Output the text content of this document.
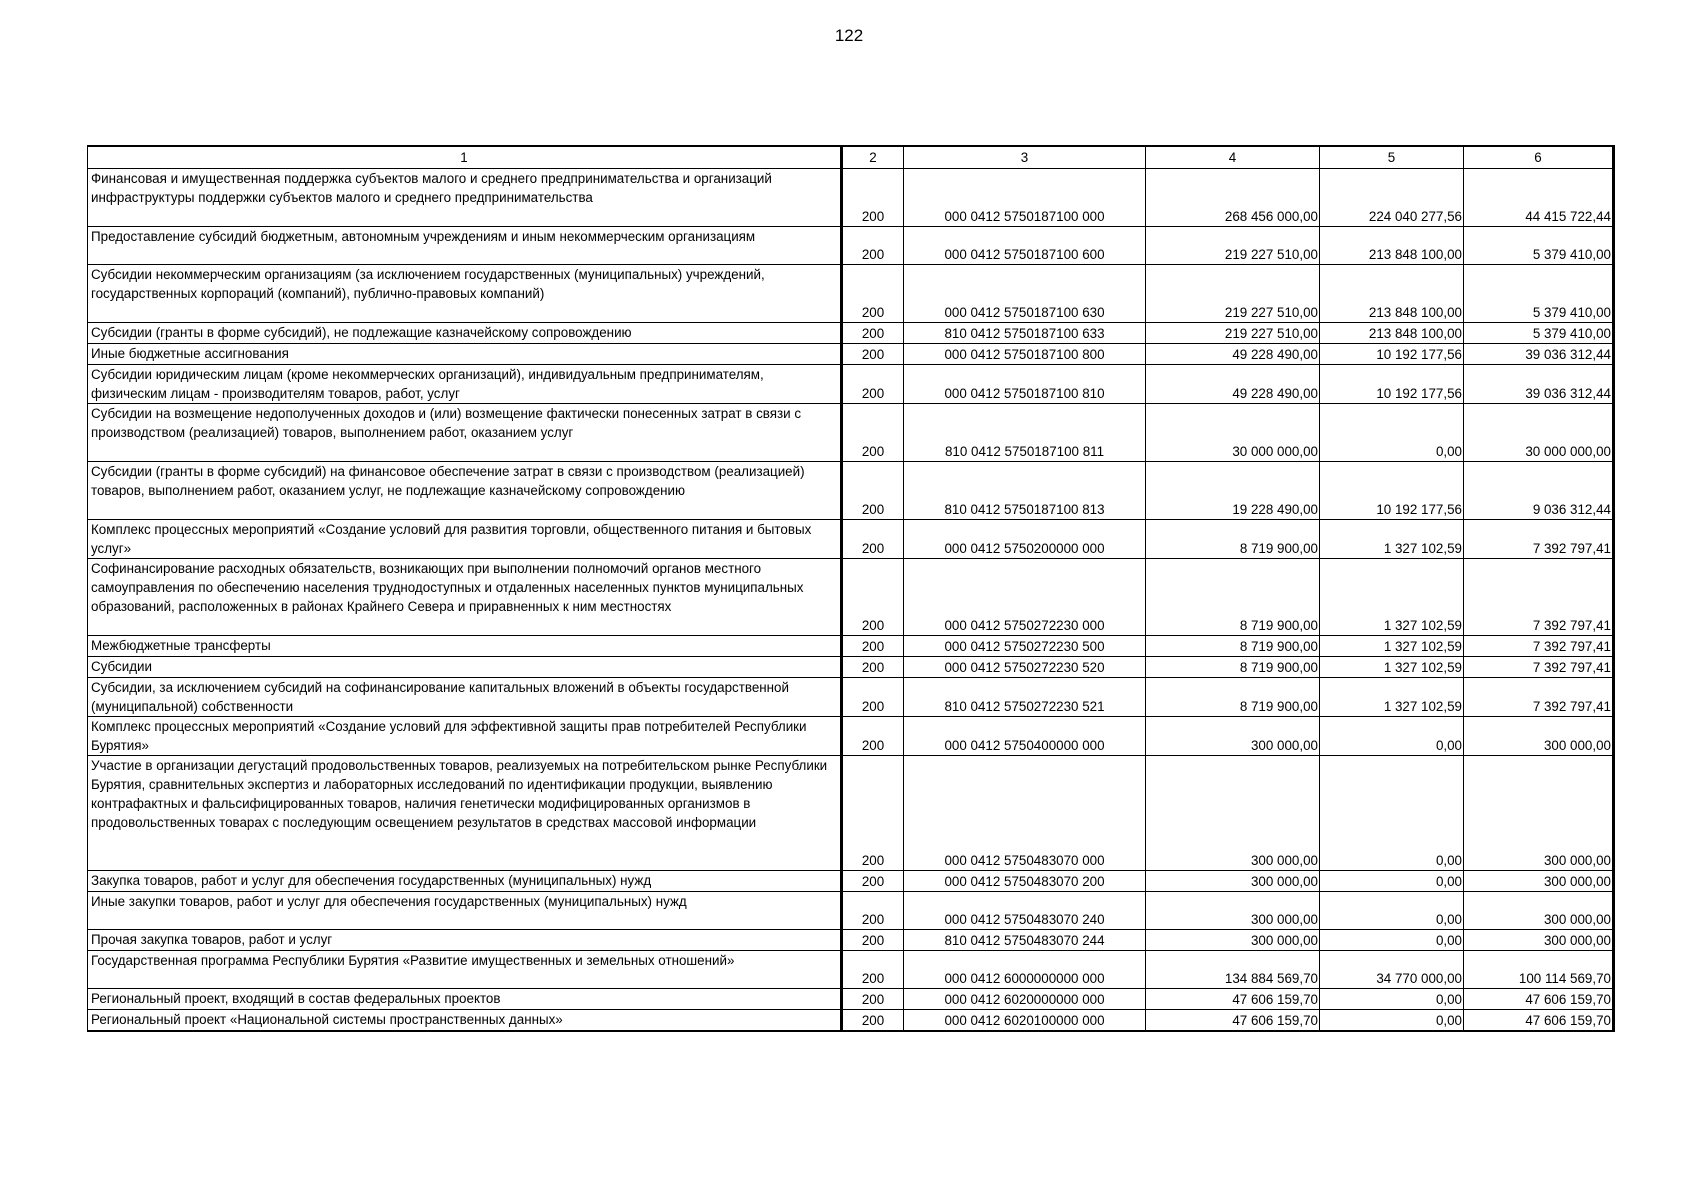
122
1	2	3	4	5	6
Финансовая и имущественная поддержка субъектов малого и среднего предпринимательства и организаций инфраструктуры поддержки субъектов малого и среднего предпринимательства	200	000 0412 5750187100 000	268 456 000,00	224 040 277,56	44 415 722,44
Предоставление субсидий бюджетным, автономным учреждениям и иным некоммерческим организациям	200	000 0412 5750187100 600	219 227 510,00	213 848 100,00	5 379 410,00
Субсидии некоммерческим организациям (за исключением государственных (муниципальных) учреждений, государственных корпораций (компаний), публично-правовых компаний)	200	000 0412 5750187100 630	219 227 510,00	213 848 100,00	5 379 410,00
Субсидии (гранты в форме субсидий), не подлежащие казначейскому сопровождению	200	810 0412 5750187100 633	219 227 510,00	213 848 100,00	5 379 410,00
Иные бюджетные ассигнования	200	000 0412 5750187100 800	49 228 490,00	10 192 177,56	39 036 312,44
Субсидии юридическим лицам (кроме некоммерческих организаций), индивидуальным предпринимателям, физическим лицам - производителям товаров, работ, услуг	200	000 0412 5750187100 810	49 228 490,00	10 192 177,56	39 036 312,44
Субсидии на возмещение недополученных доходов и (или) возмещение фактически понесенных затрат в связи с производством (реализацией) товаров, выполнением работ, оказанием услуг	200	810 0412 5750187100 811	30 000 000,00	0,00	30 000 000,00
Субсидии (гранты в форме субсидий) на финансовое обеспечение затрат в связи с производством (реализацией) товаров, выполнением работ, оказанием услуг, не подлежащие казначейскому сопровождению	200	810 0412 5750187100 813	19 228 490,00	10 192 177,56	9 036 312,44
Комплекс процессных мероприятий «Создание условий для развития торговли, общественного питания и бытовых услуг»	200	000 0412 5750200000 000	8 719 900,00	1 327 102,59	7 392 797,41
Софинансирование расходных обязательств, возникающих при выполнении полномочий органов местного самоуправления по обеспечению населения труднодоступных и отдаленных населенных пунктов муниципальных образований, расположенных в районах Крайнего Севера и приравненных к ним местностях	200	000 0412 5750272230 000	8 719 900,00	1 327 102,59	7 392 797,41
Межбюджетные трансферты	200	000 0412 5750272230 500	8 719 900,00	1 327 102,59	7 392 797,41
Субсидии	200	000 0412 5750272230 520	8 719 900,00	1 327 102,59	7 392 797,41
Субсидии, за исключением субсидий на софинансирование капитальных вложений в объекты государственной (муниципальной) собственности	200	810 0412 5750272230 521	8 719 900,00	1 327 102,59	7 392 797,41
Комплекс процессных мероприятий «Создание условий для эффективной защиты прав потребителей Республики Бурятия»	200	000 0412 5750400000 000	300 000,00	0,00	300 000,00
Участие в организации дегустаций продовольственных товаров, реализуемых на потребительском рынке Республики Бурятия, сравнительных экспертиз и лабораторных исследований по идентификации продукции, выявлению контрафактных и фальсифицированных товаров, наличия генетически модифицированных организмов в продовольственных товарах с последующим освещением результатов в средствах массовой информации	200	000 0412 5750483070 000	300 000,00	0,00	300 000,00
Закупка товаров, работ и услуг для обеспечения государственных (муниципальных) нужд	200	000 0412 5750483070 200	300 000,00	0,00	300 000,00
Иные закупки товаров, работ и услуг для обеспечения государственных (муниципальных) нужд	200	000 0412 5750483070 240	300 000,00	0,00	300 000,00
Прочая закупка товаров, работ и услуг	200	810 0412 5750483070 244	300 000,00	0,00	300 000,00
Государственная программа Республики Бурятия «Развитие имущественных и земельных отношений»	200	000 0412 6000000000 000	134 884 569,70	34 770 000,00	100 114 569,70
Региональный проект, входящий в состав федеральных проектов	200	000 0412 6020000000 000	47 606 159,70	0,00	47 606 159,70
Региональный проект «Национальной системы пространственных данных»	200	000 0412 6020100000 000	47 606 159,70	0,00	47 606 159,70
